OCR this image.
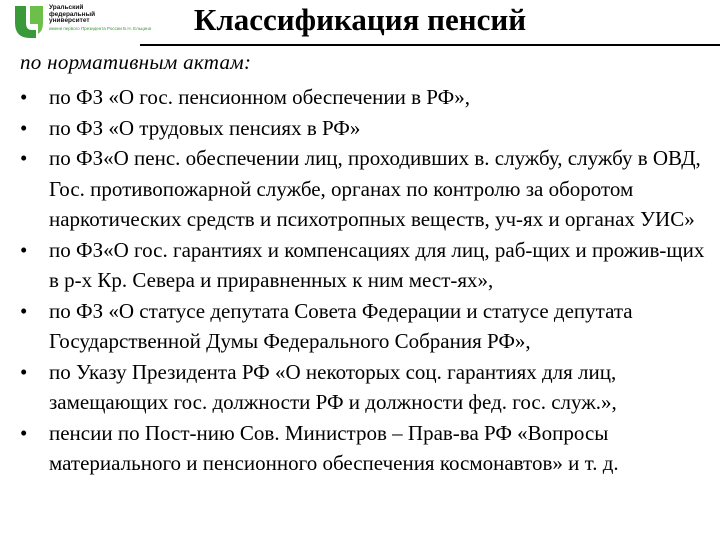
Уральский
федеральный
университет
имени первого Президента России Б.Н. Ельцина	Классификация пенсий
по нормативным актам:
• по ФЗ «О гос. пенсионном обеспечении в РФ»,
• по ФЗ «О трудовых пенсиях в РФ»
• по ФЗ«О пенс. обеспечении лиц, проходивших в. службу, службу в ОВД, Гос. противопожарной службе, органах по контролю за оборотом наркотических средств и психотропных веществ, уч-ях и органах УИС»
• по ФЗ«О гос. гарантиях и компенсациях для лиц, раб-щих и прожив-щих в р-х Кр. Севера и приравненных к ним мест-ях»,
• по ФЗ «О статусе депутата Совета Федерации и статусе депутата Государственной Думы Федерального Собрания РФ»,
• по Указу Президента РФ «О некоторых соц. гарантиях для лиц, замещающих гос. должности РФ и должности фед. гос. служ.»,
• пенсии по Пост-нию Сов. Министров – Прав-ва РФ «Вопросы материального и пенсионного обеспечения космонавтов» и т. д.
